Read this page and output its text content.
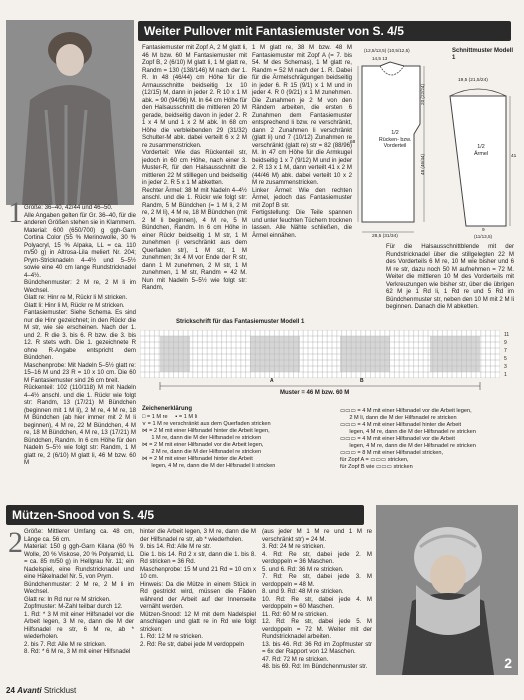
Weiter Pullover mit Fantasiemuster von S. 4/5
1 Größe: 36–40, 42/44 und 46–50.
Alle Angaben gelten für Gr. 36–40, für die anderen Größen stehen sie in Klammern.
Material: 600 (650/700) g ggh-Garn Cortina Color (55 % Merinowolle, 30 % Polyacryl, 15 % Alpaka, LL = ca. 110 m/50 g) in Altrosa-Lila meliert Nr. 204; Prym-Stricknadeln 4–4½ und 5–5½ sowie eine 40 cm lange Rundstricknadel 4–4½.
Bündchenmuster: 2 M re, 2 M li im Wechsel.
Glatt re: Hinr re M, Rückr li M stricken.
Glatt li: Hinr li M, Rückr re M stricken.
Fantasiemuster: Siehe Schema. Es sind nur die Hinr gezeichnet; in den Rückr die M str, wie sie erscheinen. Nach der 1. und 2. R die 3. bis 6. R bzw. die 3. bis 12. R stets wdh. Die 1. gezeichnete R ohne R-Angabe entspricht dem Bündchen.
Maschenprobe: Mit Nadeln 5–5½ glatt re: 15–16 M und 23 R = 10 x 10 cm. Die 60 M Fantasiemuster sind 26 cm breit.
Rückenteil: 102 (110/118) M mit Nadeln 4–4½ anschl. und die 1. Rückr wie folgt str: Randm, 13 (17/21) M Bündchen (beginnen mit 1 M li), 2 M re, 4 M re, 18 M Bündchen (ab hier immer mit 2 M li beginnen), 4 M re, 22 M Bündchen, 4 M re, 18 M Bündchen, 4 M re, 13 (17/21) M Bündchen, Randm. In 6 cm Höhe für den Nadeln 5–5½ wie folgt str: Randm, 1 M glatt re, 2 (6/10) M glatt li, 46 M bzw. 60 M
Fantasiemuster mit Zopf A, 2 M glatt li, 46 M bzw. 60 M Fantasiemuster mit Zopf B, 2 (6/10) M glatt li, 1 M glatt re, Randm = 130 (138/146) M nach der 1. R. In 48 (46/44) cm Höhe für die Armausschnitte beidseitig 1x 10 (12/15) M, dann in jeder 2. R 10 x 1 M abk. = 90 (94/96) M. In 64 cm Höhe für den Halsausschnitt die mittleren 20 M gerade, beidseitig davon in jeder 2. R 1 x 4 M und 1 x 2 M abk. In 68 cm Höhe die verbleibenden 29 (31/32) Schulter-M abk. dabei verteilt 6 x 2 M re zusammenstricken.
Vorderteil: Wie das Rückenteil str, jedoch in 60 cm Höhe, nach einer 3. Muster-R, für den Halsausschnitt die mittleren 22 M stilllegen und beidseitig in jeder 2. R 5 x 1 M abketten.
Rechter Ärmel: 38 M mit Nadeln 4–4½ anschl. und die 1. Rückr wie folgt str: Randm, 5 M Bündchen (= 1 M li, 2 M re, 2 M li), 4 M re, 18 M Bündchen (mit 2 M li beginnen), 4 M re, 5 M Bündchen, Randm. In 6 cm Höhe in einer Rückr beidseitig 1 M str, 1 M zunehmen (i verschränkt aus dem Querfaden str), 1 M str, 1 M zunehmen; 3x 4 M vor Ende der R str, dann 1 M zunehmen, 2 M str, 1 M zunehmen, 1 M str, Randm = 42 M. Nun mit Nadeln 5–5½ wie folgt str: Randm,
1 M glatt re, 38 M bzw. 48 M Fantasiemuster mit Zopf A (= 7. bis 54. M des Schemas), 1 M glatt re, Randm = 52 M nach der 1. R. Dabei für die Ärmelschrägungen beidseitig in jeder 6. R 15 (9/1) x 1 M und in jeder 4. R 0 (9/21) x 1 M zunehmen. Die Zunahmen je 2 M von den Rändern arbeiten, die ersten 6 Zunahmen dem Fantasiemuster entsprechend li bzw. re verschränkt, dann 2 Zunahmen li verschränkt (glatt li) und 7 (10/12) Zunahmen re verschränkt (glatt re) str = 82 (88/96) M. In 47 cm Höhe für die Armkugel beidseitig 1 x 7 (9/12) M und in jeder 2. R 13 x 1 M, dann verteilt 41 x 2 M (44/46 M) abk. dabei verteilt 10 x 2 M re zusammenstricken.
Linker Ärmel: Wie den rechten Ärmel, jedoch das Fantasiemuster mit Zopf B str.
Fertigstellung: Die Teile spannen und unter feuchten Tüchern trocknen lassen. Alle Nähte schließen, die Ärmel einnähen.
Für die Halsausschnittblende mit der Rundstricknadel über die stillgelegten 22 M des Vorderteils 6 M re, 10 M wie bisher und 6 M re str, dazu noch 50 M aufnehmen = 72 M. Weiter die mittleren 10 M des Vorderteils mit Verkreuzungen wie bisher str, über die übrigen 62 M je 1 Rd li, 1 Rd re und 5 Rd im Bündchenmuster str, neben den 10 M mit 2 M li beginnen. Danach die M abketten.
Schnittmuster Modell 1
(12,5/13,5) (10,5/12,5)
14,5 13
1/2
Rücken- bzw.
Vorderteil
68
48 (46/44)
20 (22/24)
28,5 (31/34)
19,5 (21,5/24)
1/2
Ärmel	41
9
(11/13,5)
Strickschrift für das Fantasiemuster Modell 1
11
9
7
5
3
1
A	B
Muster = 46 M bzw. 60 M
Zeichenerklärung
□ = 1 M re     ▪ = 1 M li
⋎ = 1 M re verschränkt aus dem Querfaden stricken
⋈ = 2 M mit einer Hilfsnadel hinter die Arbeit legen,
1 M re, dann die M der Hilfsnadel re stricken
⋈ = 2 M mit einer Hilfsnadel vor die Arbeit legen,
2 M re, dann die M der Hilfsnadel re stricken
⋈ = 2 M mit einer Hilfsnadel hinter die Arbeit
legen, 4 M re, dann die M der Hilfsnadel li stricken
▭▭▭ = 4 M mit einer Hilfsnadel vor die Arbeit legen,
2 M li, dann die M der Hilfsnadel re stricken
▭▭▭ = 4 M mit einer Hilfsnadel hinter die Arbeit
legen, 4 M re, dann die M der Hilfsnadel re stricken
▭▭▭ = 4 M mit einer Hilfsnadel vor die Arbeit
legen, 4 M re, dann die M der Hilfsnadel re stricken
▭▭▭ = 8 M mit einer Hilfsnadel stricken,
für Zopf A = ▭▭▭ stricken,
für Zopf B wie ▭▭▭ stricken
Mützen-Snood von S. 4/5
2 Größe: Mittlerer Umfang ca. 48 cm, Länge ca. 56 cm.
Material: 150 g ggh-Garn Kilana (60 % Wolle, 20 % Viskose, 20 % Polyamid, LL = ca. 85 m/50 g) in Hellgrau Nr. 11; ein Nadelspiel, eine Rundstricknadel und eine Häkelnadel Nr. 5, von Prym.
Bündchenmuster: 2 M re, 2 M li im Wechsel.
Glatt re: In Rd nur re M stricken.
Zopfmuster: M-Zahl teilbar durch 12.
1. Rd: * 3 M mit einer Hilfsnadel vor die Arbeit legen, 3 M re, dann die M der Hilfsnadel re str, 6 M re, ab * wiederholen.
2. bis 7. Rd: Alle M re stricken.
8. Rd: * 6 M re, 3 M mit einer Hilfsnadel
hinter die Arbeit legen, 3 M re, dann die M der Hilfsnadel re str, ab * wiederholen.
9. bis 14. Rd: Alle M re str.
Die 1. bis 14. Rd 2 x str, dann die 1. bis 8. Rd stricken = 36 Rd.
Maschenprobe: 15 M und 21 Rd = 10 cm x 10 cm.
Hinweis: Da die Mütze in einem Stück in Rd gestrickt wird, müssen die Fäden während der Arbeit auf der Innenseite vernäht werden.
Mützen-Snood: 12 M mit dem Nadelspiel anschlagen und glatt re in Rd wie folgt stricken:
1. Rd: 12 M re stricken.
2. Rd: Re str, dabei jede M verdoppeln
(aus jeder M 1 M re und 1 M re verschränkt str) = 24 M.
3. Rd: 24 M re stricken.
4. Rd: Re str, dabei jede 2. M verdoppeln = 36 Maschen.
5. und 6. Rd: 36 M re stricken.
7. Rd: Re str, dabei jede 3. M verdoppeln = 48 M.
8. und 9. Rd: 48 M re stricken.
10. Rd: Re str, dabei jede 4. M verdoppeln = 60 Maschen.
11. Rd: 60 M re stricken.
12. Rd: Re str, dabei jede 5. M verdoppeln = 72 M. Weiter mit der Rundstricknadel arbeiten.
13. bis 46. Rd: 36 Rd im Zopfmuster str = 6x der Rapport von 12 Maschen.
47. Rd: 72 M re stricken.
48. bis 69. Rd: Im Bündchenmuster str.	2
24 Avanti Stricklust
